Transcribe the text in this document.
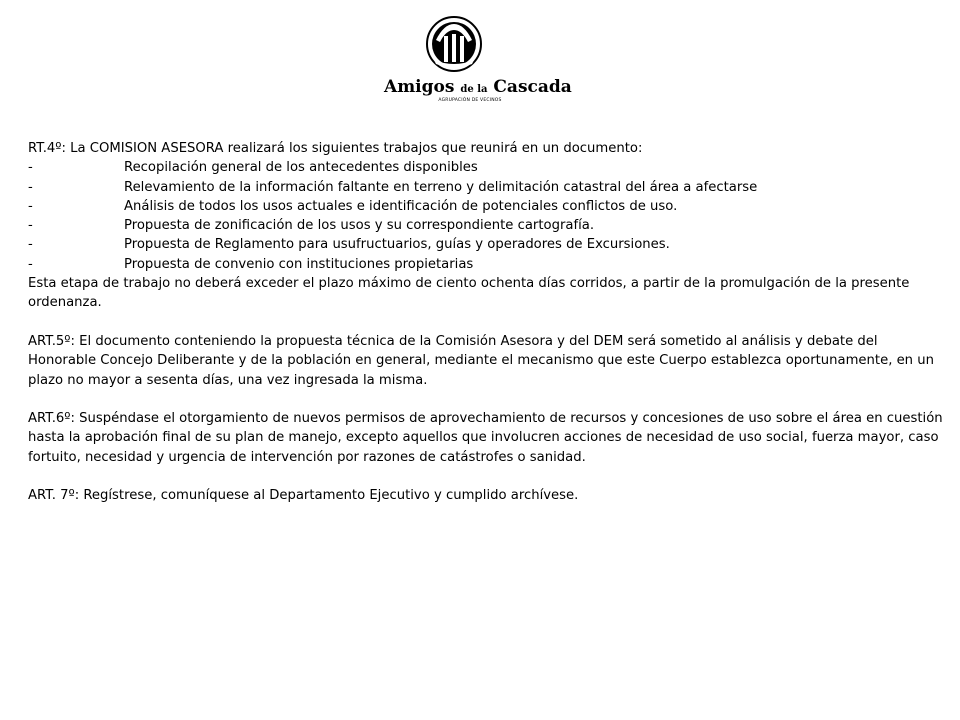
Amigos de la Cascada
AGRUPACIÓN DE VECINOS
RT.4º: La COMISION ASESORA realizará los siguientes trabajos que reunirá en un documento:
-	Recopilación general de los antecedentes disponibles
-	Relevamiento de la información faltante en terreno y delimitación catastral del área a afectarse
-	Análisis de todos los usos actuales e identificación de potenciales conflictos de uso.
-	Propuesta de zonificación de los usos y su correspondiente cartografía.
-	Propuesta de Reglamento para usufructuarios, guías y operadores de Excursiones.
-	Propuesta de convenio con instituciones propietarias
Esta etapa de trabajo no deberá exceder el plazo máximo de ciento ochenta días corridos, a partir de la promulgación de la presente
ordenanza.
ART.5º: El documento conteniendo la propuesta técnica de la Comisión Asesora y del DEM será sometido al análisis y debate del
Honorable Concejo Deliberante y de la población en general, mediante el mecanismo que este Cuerpo establezca oportunamente, en un
plazo no mayor a sesenta días, una vez ingresada la misma.
ART.6º: Suspéndase el otorgamiento de nuevos permisos de aprovechamiento de recursos y concesiones de uso sobre el área en cuestión
hasta la aprobación final de su plan de manejo, excepto aquellos que involucren acciones de necesidad de uso social, fuerza mayor, caso
fortuito, necesidad y urgencia de intervención por razones de catástrofes o sanidad.
ART. 7º: Regístrese, comuníquese al Departamento Ejecutivo y cumplido archívese.
